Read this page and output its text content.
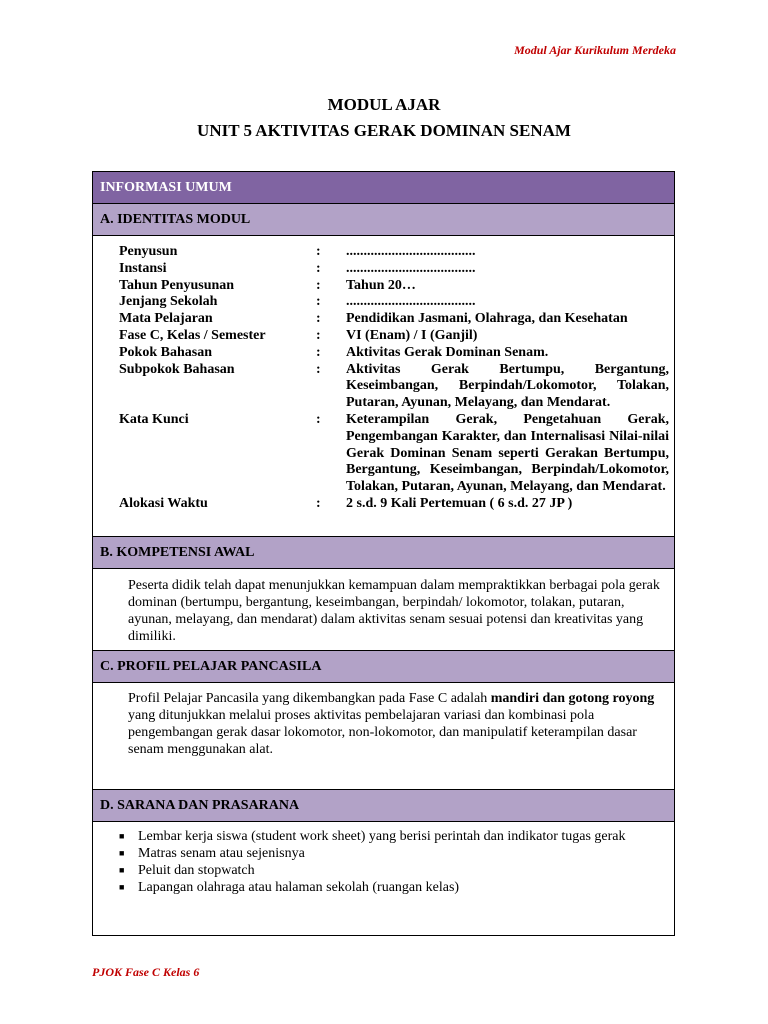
Modul Ajar Kurikulum Merdeka
MODUL AJAR
UNIT 5 AKTIVITAS GERAK DOMINAN SENAM
INFORMASI UMUM
A. IDENTITAS MODUL
Penyusun	:	.....................................
Instansi	:	.....................................
Tahun Penyusunan	:	Tahun 20…
Jenjang Sekolah	:	.....................................
Mata Pelajaran	:	Pendidikan Jasmani, Olahraga, dan Kesehatan
Fase C, Kelas / Semester	:	VI (Enam) / I (Ganjil)
Pokok Bahasan	:	Aktivitas Gerak Dominan Senam.
Subpokok Bahasan	:	Aktivitas Gerak Bertumpu, Bergantung, Keseimbangan, Berpindah/Lokomotor, Tolakan, Putaran, Ayunan, Melayang, dan Mendarat.
Kata Kunci	:	Keterampilan Gerak, Pengetahuan Gerak, Pengembangan Karakter, dan Internalisasi Nilai-nilai Gerak Dominan Senam seperti Gerakan Bertumpu, Bergantung, Keseimbangan, Berpindah/Lokomotor, Tolakan, Putaran, Ayunan, Melayang, dan Mendarat.
Alokasi Waktu	:	2 s.d. 9 Kali Pertemuan ( 6 s.d. 27 JP )
B. KOMPETENSI AWAL
Peserta didik telah dapat menunjukkan kemampuan dalam mempraktikkan berbagai pola gerak dominan (bertumpu, bergantung, keseimbangan, berpindah/ lokomotor, tolakan, putaran, ayunan, melayang, dan mendarat) dalam aktivitas senam sesuai potensi dan kreativitas yang dimiliki.
C. PROFIL PELAJAR PANCASILA
Profil Pelajar Pancasila yang dikembangkan pada Fase C adalah mandiri dan gotong royong yang ditunjukkan melalui proses aktivitas pembelajaran variasi dan kombinasi pola pengembangan gerak dasar lokomotor, non-lokomotor, dan manipulatif keterampilan dasar senam menggunakan alat.
D. SARANA DAN PRASARANA
■ Lembar kerja siswa (student work sheet) yang berisi perintah dan indikator tugas gerak
■ Matras senam atau sejenisnya
■ Peluit dan stopwatch
■ Lapangan olahraga atau halaman sekolah (ruangan kelas)
PJOK Fase C Kelas 6
